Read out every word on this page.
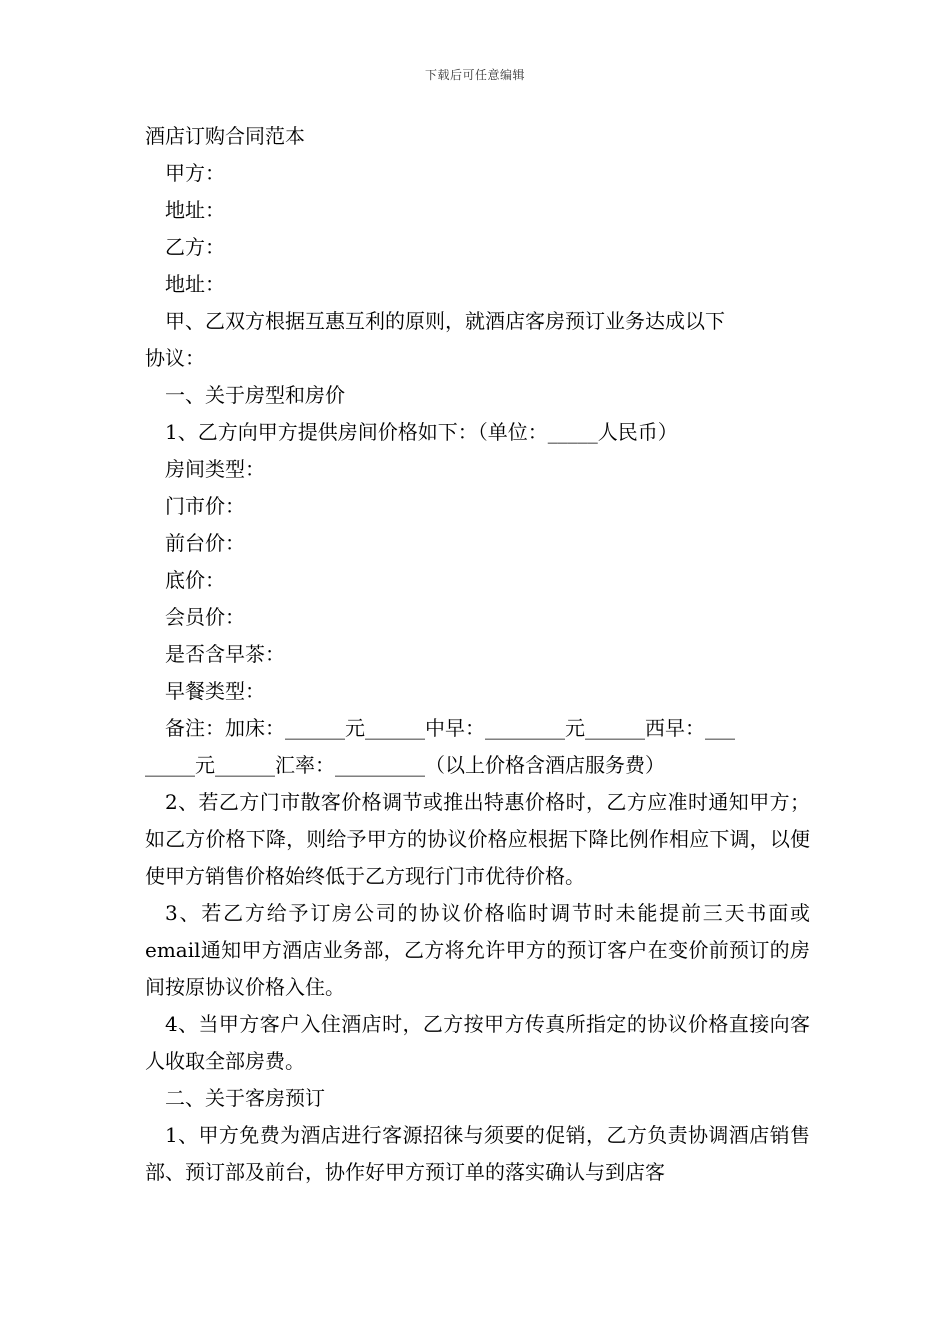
下载后可任意编辑
酒店订购合同范本
甲方：
地址：
乙方：
地址：
甲、乙双方根据互惠互利的原则，就酒店客房预订业务达成以下
协议：
一、关于房型和房价
1、乙方向甲方提供房间价格如下：（单位：_____人民币）
房间类型：
门市价：
前台价：
底价：
会员价：
是否含早茶：
早餐类型：
备注：加床：______元______中早：________元______西早：___
_____元______汇率：_________（以上价格含酒店服务费）
2、若乙方门市散客价格调节或推出特惠价格时，乙方应准时通知甲方；如乙方价格下降，则给予甲方的协议价格应根据下降比例作相应下调，以便使甲方销售价格始终低于乙方现行门市优待价格。
3、若乙方给予订房公司的协议价格临时调节时未能提前三天书面或email通知甲方酒店业务部，乙方将允许甲方的预订客户在变价前预订的房间按原协议价格入住。
4、当甲方客户入住酒店时，乙方按甲方传真所指定的协议价格直接向客人收取全部房费。
二、关于客房预订
1、甲方免费为酒店进行客源招徕与须要的促销，乙方负责协调酒店销售部、预订部及前台，协作好甲方预订单的落实确认与到店客
